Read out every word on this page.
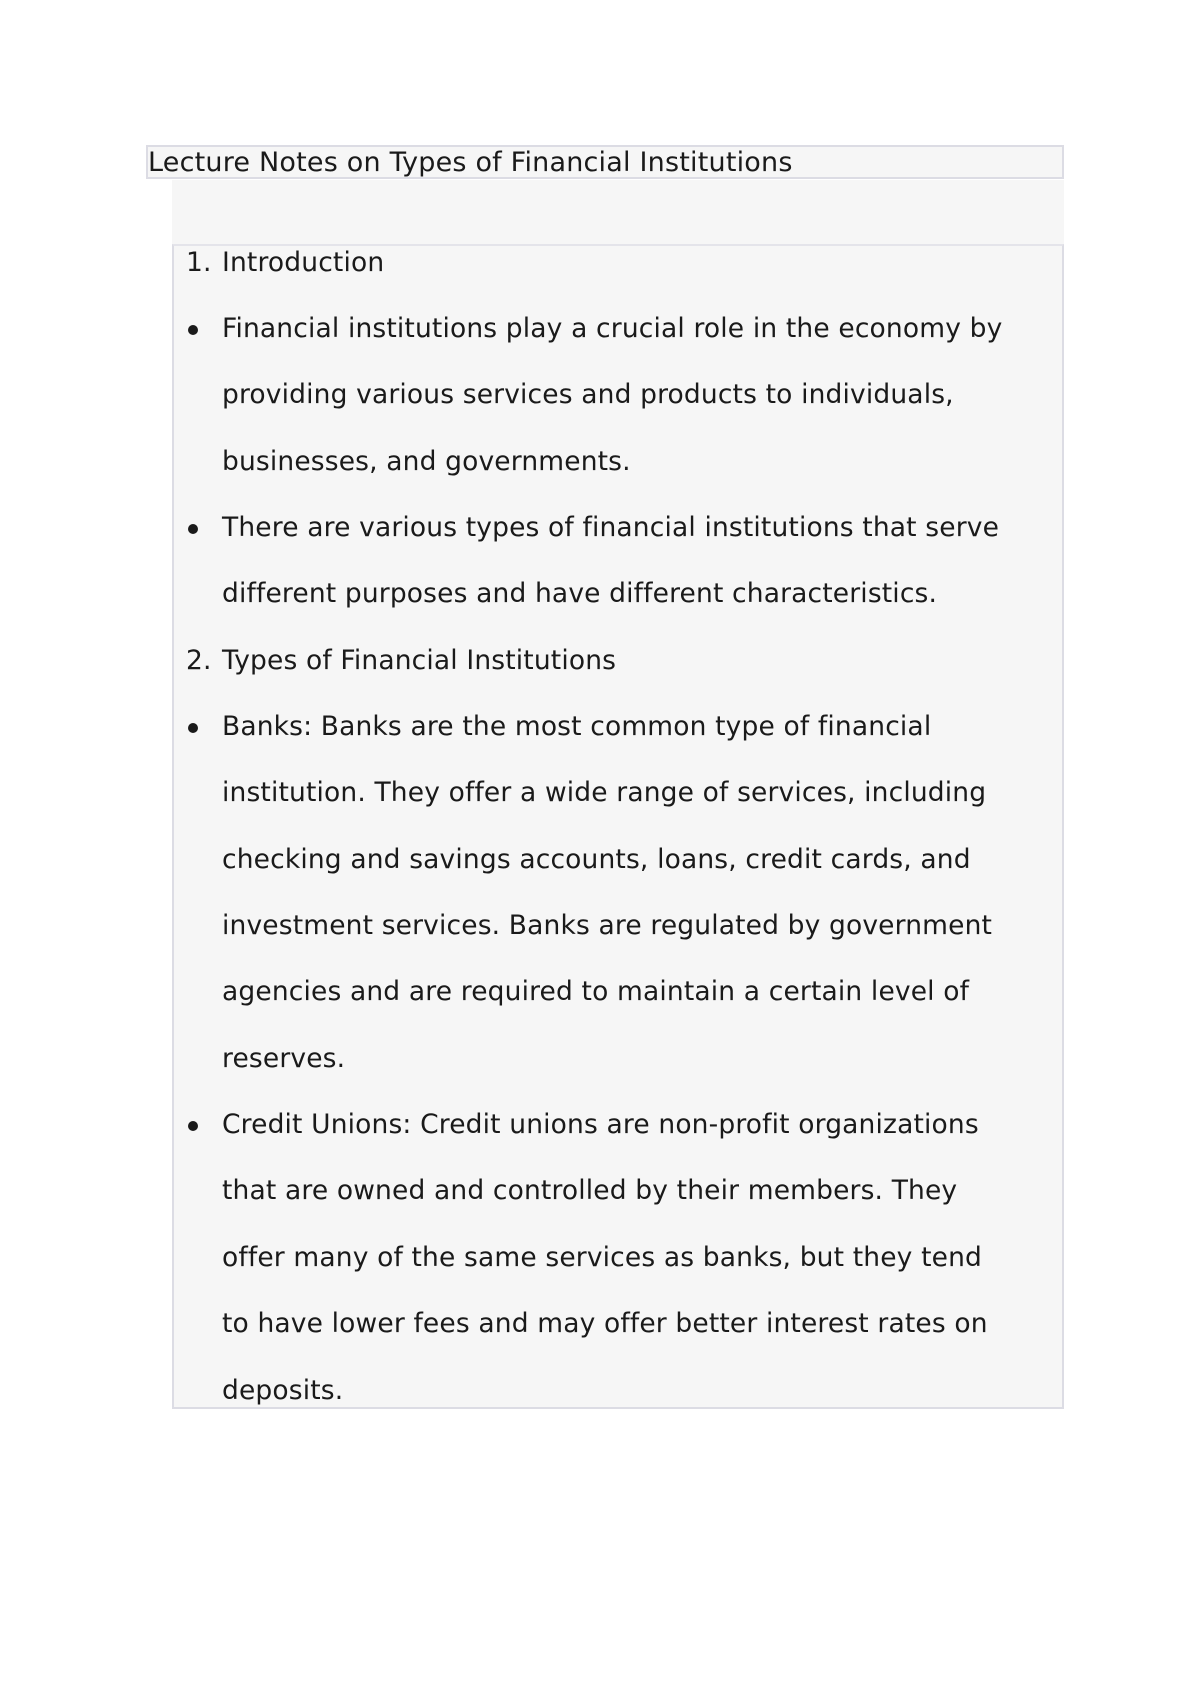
Lecture Notes on Types of Financial Institutions
1. Introduction
Financial institutions play a crucial role in the economy by
providing various services and products to individuals,
businesses, and governments.
There are various types of financial institutions that serve
different purposes and have different characteristics.
2. Types of Financial Institutions
Banks: Banks are the most common type of financial
institution. They offer a wide range of services, including
checking and savings accounts, loans, credit cards, and
investment services. Banks are regulated by government
agencies and are required to maintain a certain level of
reserves.
Credit Unions: Credit unions are non-profit organizations
that are owned and controlled by their members. They
offer many of the same services as banks, but they tend
to have lower fees and may offer better interest rates on
deposits.
